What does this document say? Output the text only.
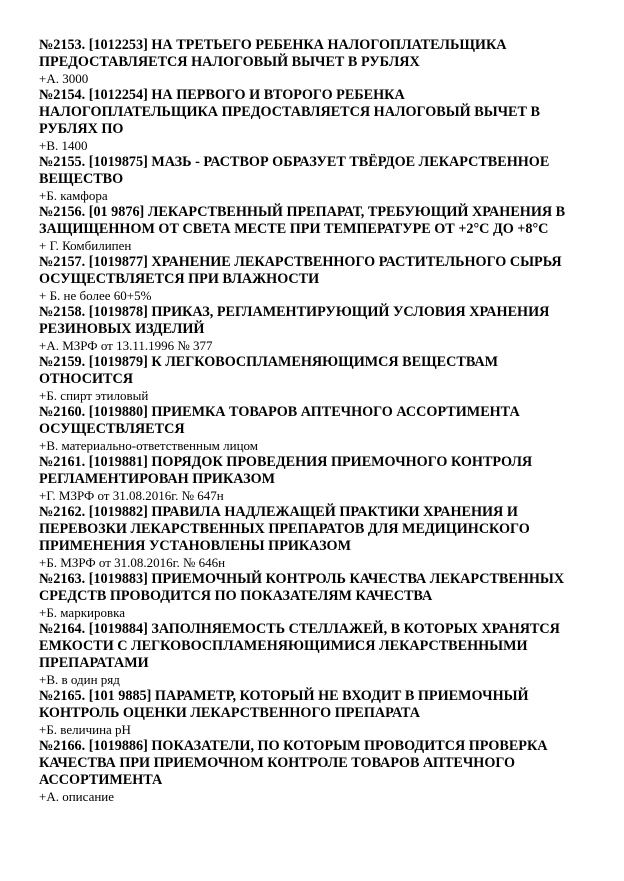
№2153. [1012253] НА ТРЕТЬЕГО РЕБЕНКА НАЛОГОПЛАТЕЛЬЩИКА ПРЕДОСТАВЛЯЕТСЯ НАЛОГОВЫЙ ВЫЧЕТ В РУБЛЯХ

+А. 3000

№2154. [1012254] НА ПЕРВОГО И ВТОРОГО РЕБЕНКА НАЛОГОПЛАТЕЛЬЩИКА ПРЕДОСТАВЛЯЕТСЯ НАЛОГОВЫЙ ВЫЧЕТ В РУБЛЯХ ПО

+В. 1400

№2155. [1019875] МАЗЬ - РАСТВОР ОБРАЗУЕТ ТВЁРДОЕ ЛЕКАРСТВЕННОЕ ВЕЩЕСТВО

+Б. камфора

№2156. [01 9876] ЛЕКАРСТВЕННЫЙ ПРЕПАРАТ, ТРЕБУЮЩИЙ ХРАНЕНИЯ В ЗАЩИЩЕННОМ ОТ СВЕТА МЕСТЕ ПРИ ТЕМПЕРАТУРЕ ОТ +2°С ДО +8°С

+ Г. Комбилипен

№2157. [1019877] ХРАНЕНИЕ ЛЕКАРСТВЕННОГО РАСТИТЕЛЬНОГО СЫРЬЯ ОСУЩЕСТВЛЯЕТСЯ ПРИ ВЛАЖНОСТИ

+ Б. не более 60+5%

№2158. [1019878] ПРИКАЗ, РЕГЛАМЕНТИРУЮЩИЙ УСЛОВИЯ ХРАНЕНИЯ РЕЗИНОВЫХ ИЗДЕЛИЙ

+А. МЗРФ от 13.11.1996 № 377

№2159. [1019879] К ЛЕГКОВОСПЛАМЕНЯЮЩИМСЯ ВЕЩЕСТВАМ ОТНОСИТСЯ

+Б. спирт этиловый

№2160. [1019880] ПРИЕМКА ТОВАРОВ АПТЕЧНОГО АССОРТИМЕНТА ОСУЩЕСТВЛЯЕТСЯ

+В. материально-ответственным лицом

№2161. [1019881] ПОРЯДОК ПРОВЕДЕНИЯ ПРИЕМОЧНОГО КОНТРОЛЯ РЕГЛАМЕНТИРОВАН ПРИКАЗОМ

+Г. МЗРФ от 31.08.2016г. № 647н

№2162. [1019882] ПРАВИЛА НАДЛЕЖАЩЕЙ ПРАКТИКИ ХРАНЕНИЯ И ПЕРЕВОЗКИ ЛЕКАРСТВЕННЫХ ПРЕПАРАТОВ ДЛЯ МЕДИЦИНСКОГО ПРИМЕНЕНИЯ УСТАНОВЛЕНЫ ПРИКАЗОМ

+Б. МЗРФ от 31.08.2016г. № 646н

№2163. [1019883] ПРИЕМОЧНЫЙ КОНТРОЛЬ КАЧЕСТВА ЛЕКАРСТВЕННЫХ СРЕДСТВ ПРОВОДИТСЯ ПО ПОКАЗАТЕЛЯМ КАЧЕСТВА

+Б. маркировка

№2164. [1019884] ЗАПОЛНЯЕМОСТЬ СТЕЛЛАЖЕЙ, В КОТОРЫХ ХРАНЯТСЯ ЕМКОСТИ С ЛЕГКОВОСПЛАМЕНЯЮЩИМИСЯ ЛЕКАРСТВЕННЫМИ ПРЕПАРАТАМИ

+В. в один ряд

№2165. [101 9885] ПАРАМЕТР, КОТОРЫЙ НЕ ВХОДИТ В ПРИЕМОЧНЫЙ КОНТРОЛЬ ОЦЕНКИ ЛЕКАРСТВЕННОГО ПРЕПАРАТА

+Б. величина pH

№2166. [1019886] ПОКАЗАТЕЛИ, ПО КОТОРЫМ ПРОВОДИТСЯ ПРОВЕРКА КАЧЕСТВА ПРИ ПРИЕМОЧНОМ КОНТРОЛЕ ТОВАРОВ АПТЕЧНОГО АССОРТИМЕНТА

+А. описание
